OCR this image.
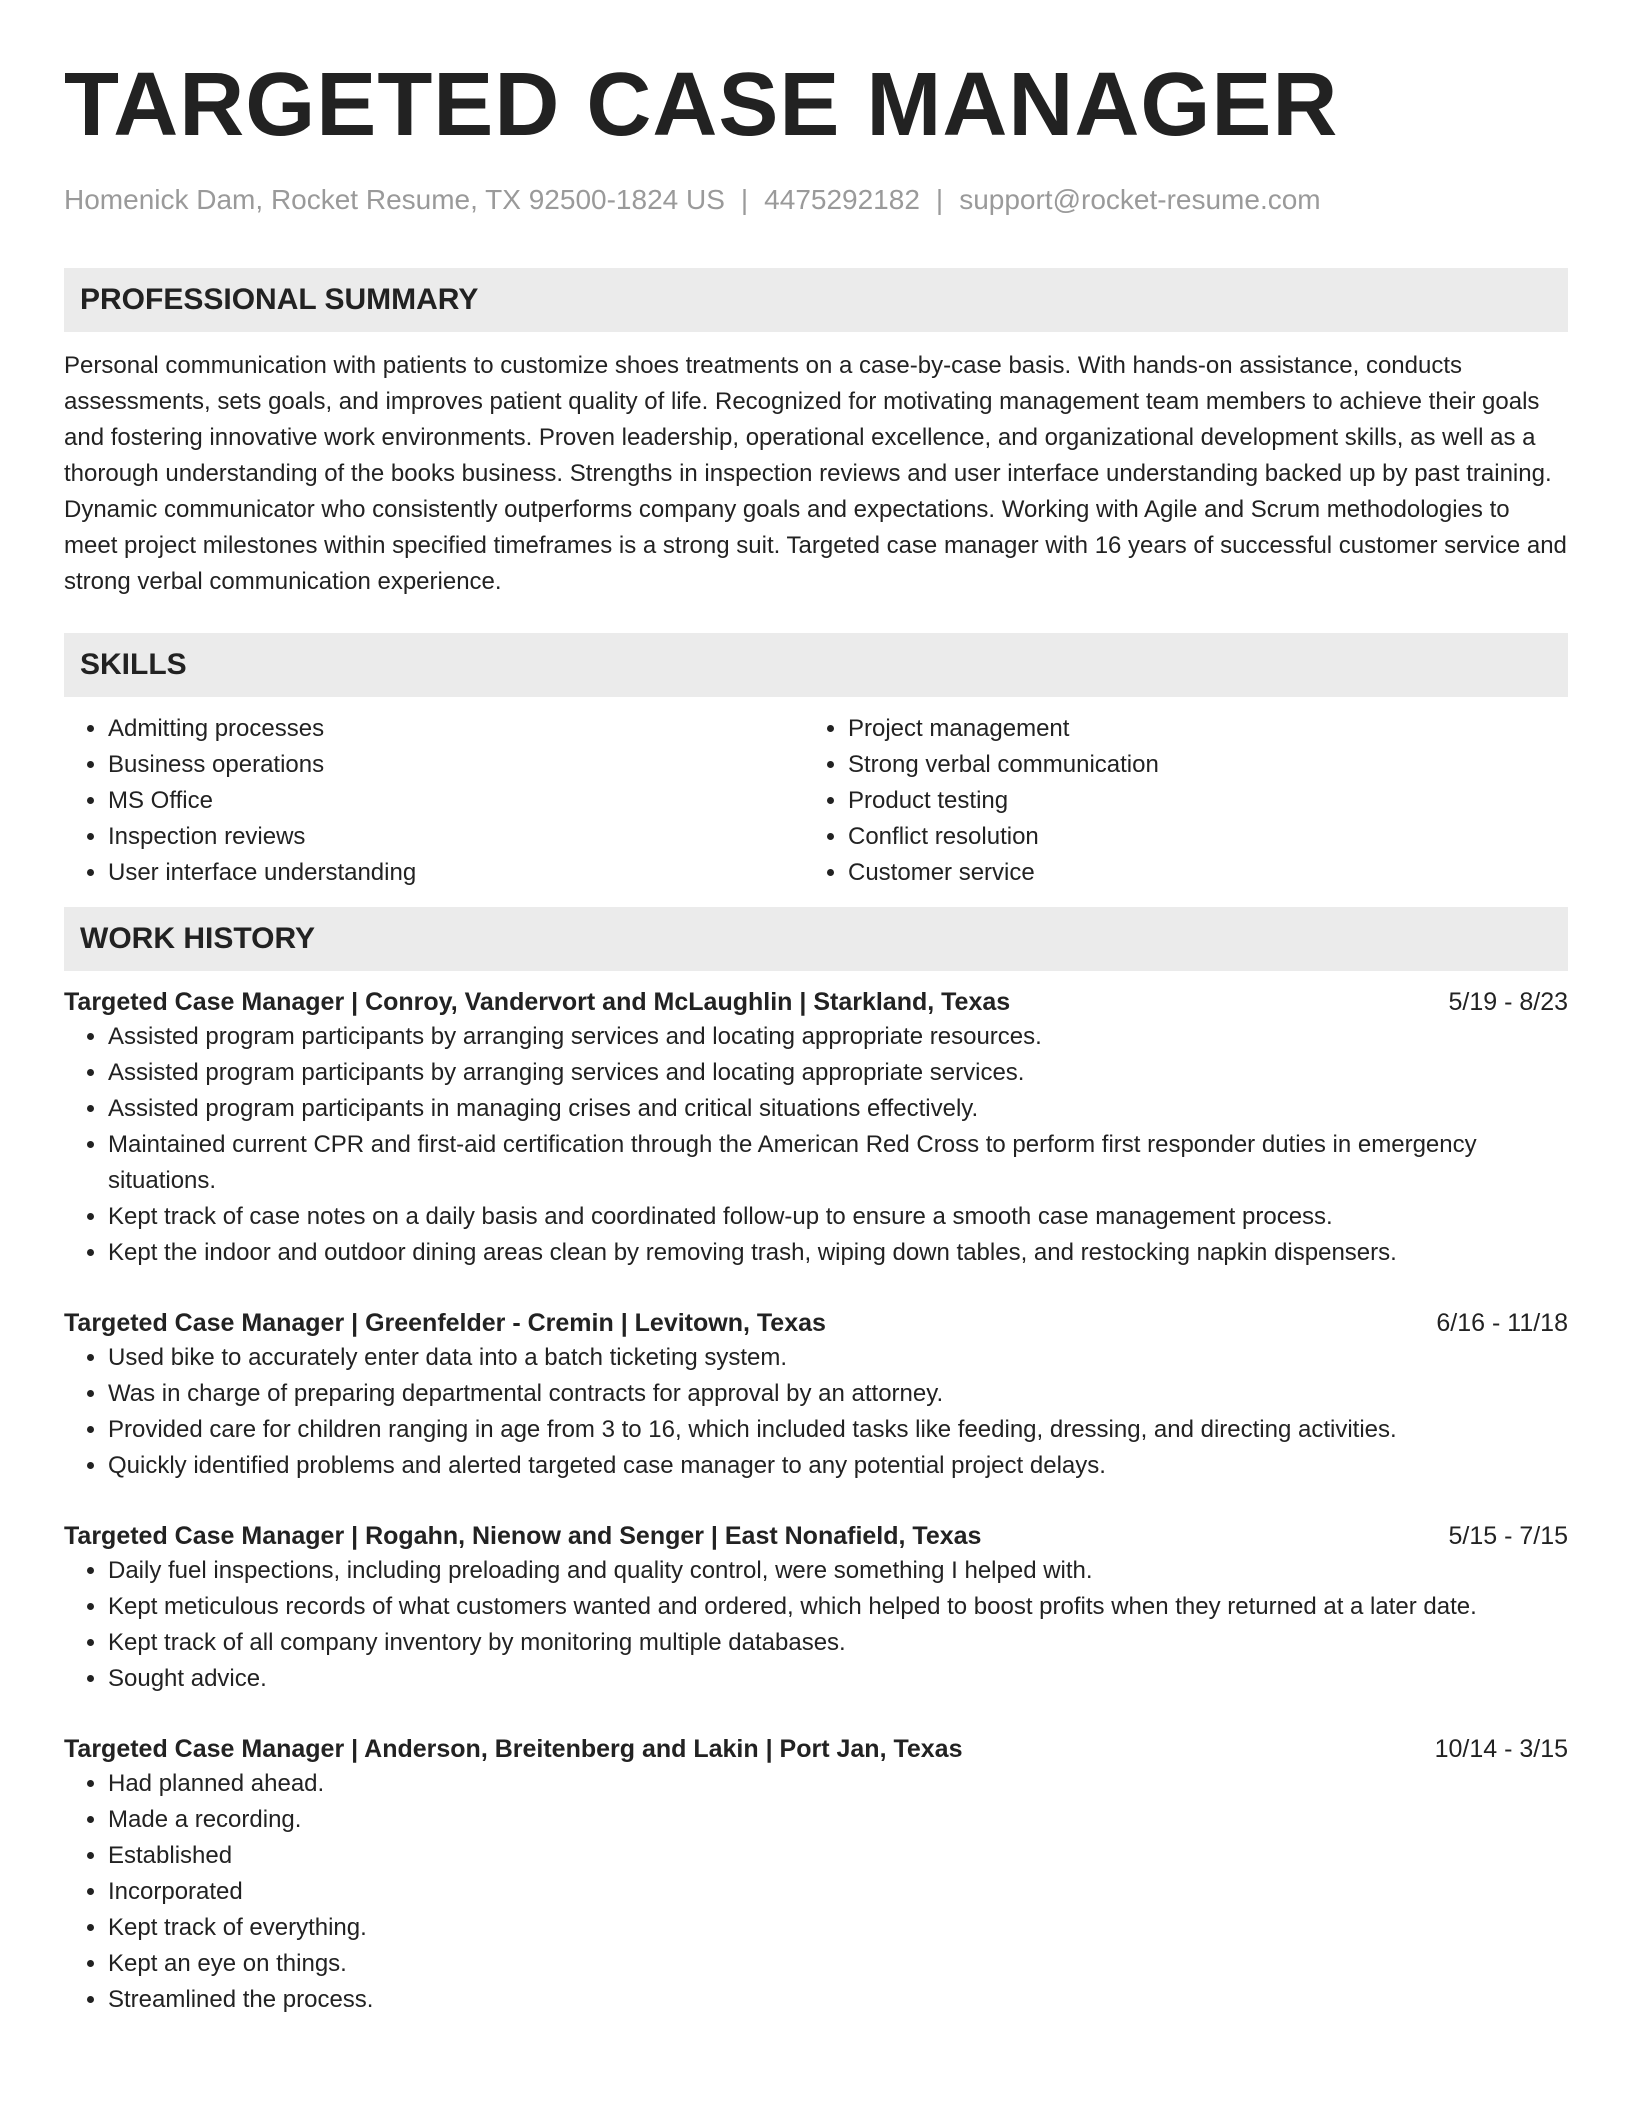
TARGETED CASE MANAGER
Homenick Dam, Rocket Resume, TX 92500-1824 US | 4475292182 | support@rocket-resume.com
PROFESSIONAL SUMMARY

Personal communication with patients to customize shoes treatments on a case-by-case basis. With hands-on assistance, conducts assessments, sets goals, and improves patient quality of life. Recognized for motivating management team members to achieve their goals and fostering innovative work environments. Proven leadership, operational excellence, and organizational development skills, as well as a thorough understanding of the books business. Strengths in inspection reviews and user interface understanding backed up by past training. Dynamic communicator who consistently outperforms company goals and expectations. Working with Agile and Scrum methodologies to meet project milestones within specified timeframes is a strong suit. Targeted case manager with 16 years of successful customer service and strong verbal communication experience.

SKILLS
• Admitting processes
• Business operations
• MS Office
• Inspection reviews
• User interface understanding
• Project management
• Strong verbal communication
• Product testing
• Conflict resolution
• Customer service
WORK HISTORY
Targeted Case Manager | Conroy, Vandervort and McLaughlin | Starkland, Texas	5/19 - 8/23
• Assisted program participants by arranging services and locating appropriate resources.
• Assisted program participants by arranging services and locating appropriate services.
• Assisted program participants in managing crises and critical situations effectively.
• Maintained current CPR and first-aid certification through the American Red Cross to perform first responder duties in emergency situations.
• Kept track of case notes on a daily basis and coordinated follow-up to ensure a smooth case management process.
• Kept the indoor and outdoor dining areas clean by removing trash, wiping down tables, and restocking napkin dispensers.
Targeted Case Manager | Greenfelder - Cremin | Levitown, Texas	6/16 - 11/18
• Used bike to accurately enter data into a batch ticketing system.
• Was in charge of preparing departmental contracts for approval by an attorney.
• Provided care for children ranging in age from 3 to 16, which included tasks like feeding, dressing, and directing activities.
• Quickly identified problems and alerted targeted case manager to any potential project delays.
Targeted Case Manager | Rogahn, Nienow and Senger | East Nonafield, Texas	5/15 - 7/15
• Daily fuel inspections, including preloading and quality control, were something I helped with.
• Kept meticulous records of what customers wanted and ordered, which helped to boost profits when they returned at a later date.
• Kept track of all company inventory by monitoring multiple databases.
• Sought advice.
Targeted Case Manager | Anderson, Breitenberg and Lakin | Port Jan, Texas	10/14 - 3/15
• Had planned ahead.
• Made a recording.
• Established
• Incorporated
• Kept track of everything.
• Kept an eye on things.
• Streamlined the process.
